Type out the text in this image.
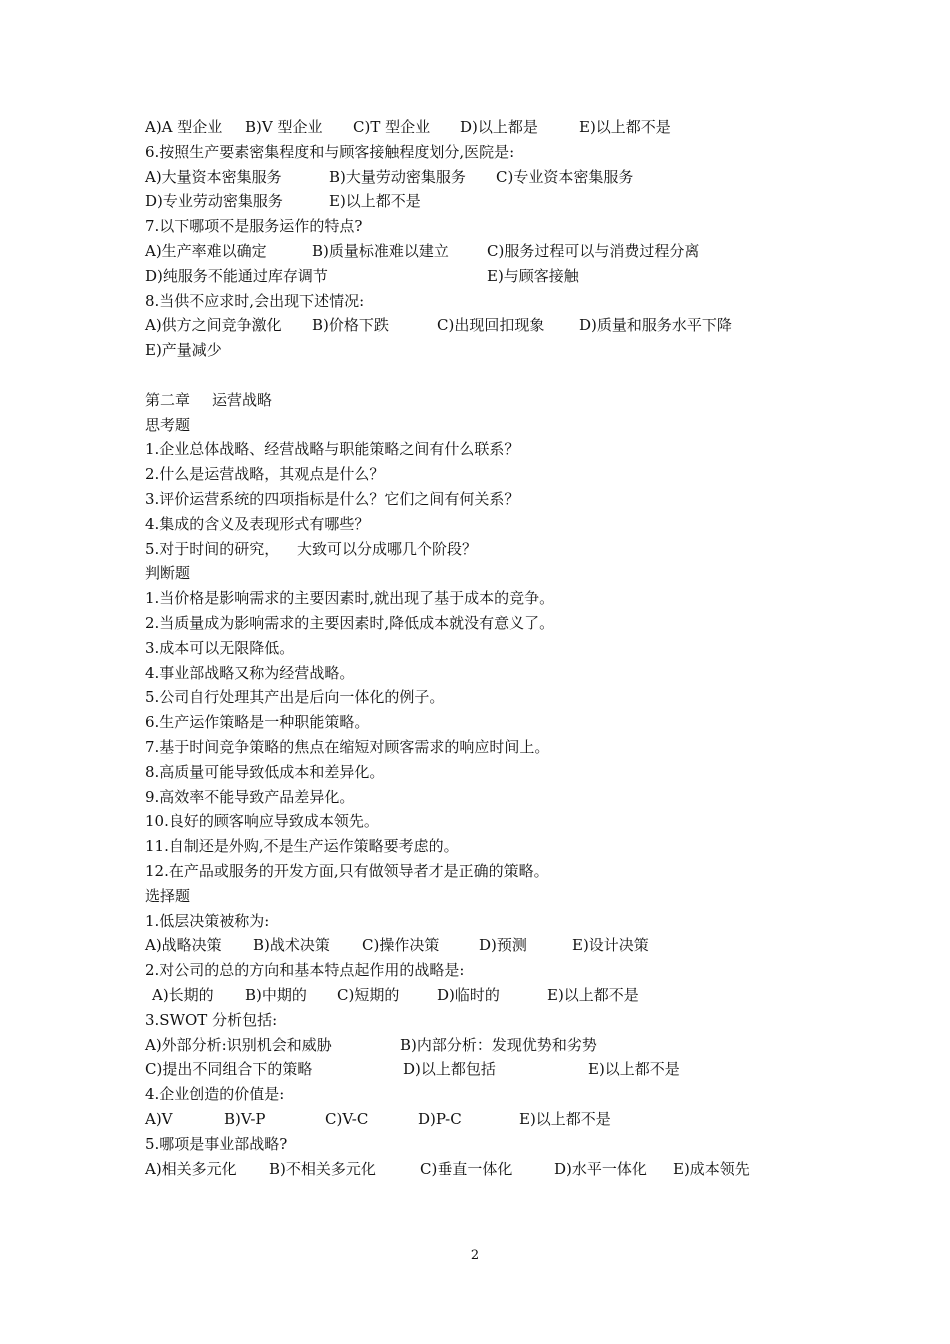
A)A 型企业 B)V 型企业 C)T 型企业 D)以上都是	E)以上都不是
6.按照生产要素密集程度和与顾客接触程度划分,医院是:
A)大量资本密集服务	B)大量劳动密集服务 C)专业资本密集服务
D)专业劳动密集服务	E)以上都不是
7.以下哪项不是服务运作的特点?
A)生产率难以确定	B)质量标准难以建立	C)服务过程可以与消费过程分离
D)纯服务不能通过库存调节	E)与顾客接触
8.当供不应求时,会出现下述情况:
A)供方之间竞争激化 B)价格下跌	C)出现回扣现象 D)质量和服务水平下降
E)产量减少
第二章 运营战略
思考题
1.企业总体战略、经营战略与职能策略之间有什么联系？
2.什么是运营战略，其观点是什么？
3.评价运营系统的四项指标是什么？它们之间有何关系？
4.集成的含义及表现形式有哪些？
5.对于时间的研究， 大致可以分成哪几个阶段？
判断题
1.当价格是影响需求的主要因素时,就出现了基于成本的竞争。
2.当质量成为影响需求的主要因素时,降低成本就没有意义了。
3.成本可以无限降低。
4.事业部战略又称为经营战略。
5.公司自行处理其产出是后向一体化的例子。
6.生产运作策略是一种职能策略。
7.基于时间竞争策略的焦点在缩短对顾客需求的响应时间上。
8.高质量可能导致低成本和差异化。
9.高效率不能导致产品差异化。
10.良好的顾客响应导致成本领先。
11.自制还是外购,不是生产运作策略要考虑的。
12.在产品或服务的开发方面,只有做领导者才是正确的策略。
选择题
1.低层决策被称为:
A)战略决策 B)战术决策 C)操作决策	D)预测	E)设计决策
2.对公司的总的方向和基本特点起作用的战略是:
A)长期的 B)中期的 C)短期的	D)临时的	E)以上都不是
3.SWOT 分析包括:
A)外部分析:识别机会和威胁	B)内部分析：发现优势和劣势
C)提出不同组合下的策略	D)以上都包括	E)以上都不是
4.企业创造的价值是:
A)V	B)V-P	C)V-C	D)P-C	E)以上都不是
5.哪项是事业部战略?
A)相关多元化 B)不相关多元化	C)垂直一体化	D)水平一体化 E)成本领先
2
